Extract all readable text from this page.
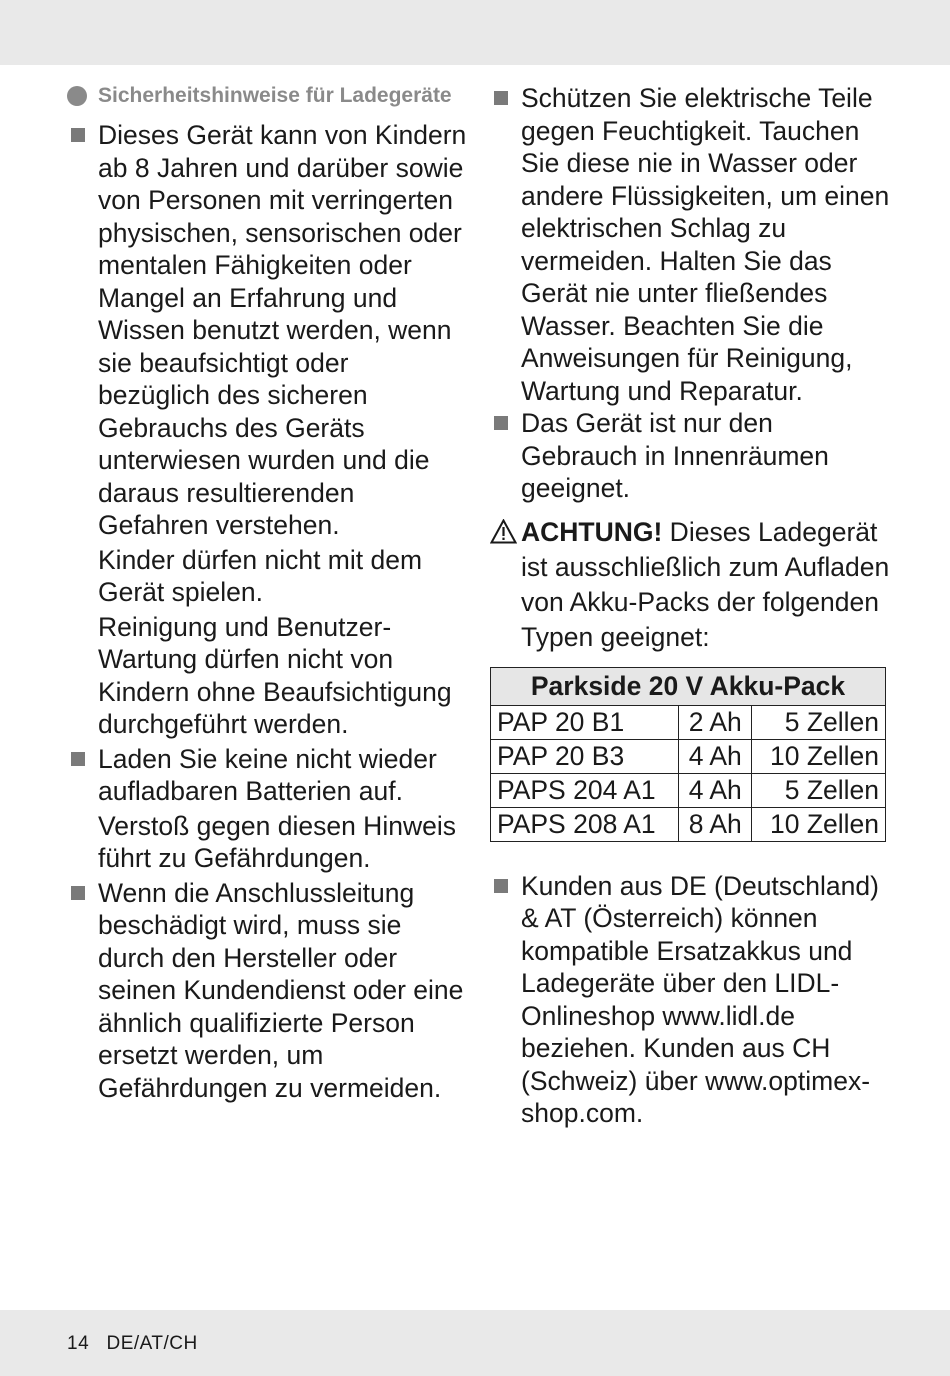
Sicherheitshinweise für Ladegeräte

Dieses Gerät kann von Kindern ab 8 Jahren und darüber sowie von Personen mit verringerten physischen, sensorischen oder mentalen Fähigkeiten oder Mangel an Erfahrung und Wissen benutzt werden, wenn sie beaufsichtigt oder bezüglich des sicheren Gebrauchs des Geräts unterwiesen wurden und die daraus resultierenden Gefahren verstehen.

Kinder dürfen nicht mit dem Gerät spielen.

Reinigung und Benutzer-Wartung dürfen nicht von Kindern ohne Beaufsichtigung durchgeführt werden.

Laden Sie keine nicht wieder aufladbaren Batterien auf.

Verstoß gegen diesen Hinweis führt zu Gefährdungen.

Wenn die Anschlussleitung beschädigt wird, muss sie durch den Hersteller oder seinen Kundendienst oder eine ähnlich qualifizierte Person ersetzt werden, um Gefährdungen zu vermeiden.

Schützen Sie elektrische Teile gegen Feuchtigkeit. Tauchen Sie diese nie in Wasser oder andere Flüssigkeiten, um einen elektrischen Schlag zu vermeiden. Halten Sie das Gerät nie unter fließendes Wasser. Beachten Sie die Anweisungen für Reinigung, Wartung und Reparatur.

Das Gerät ist nur den Gebrauch in Innenräumen geeignet.

ACHTUNG! Dieses Ladegerät ist ausschließlich zum Aufladen von Akku-Packs der folgenden Typen geeignet:
Parkside 20 V Akku-Pack		
PAP 20 B1	2 Ah	5 Zellen
PAP 20 B3	4 Ah	10 Zellen
PAPS 204 A1	4 Ah	5 Zellen
PAPS 208 A1	8 Ah	10 Zellen

Kunden aus DE (Deutschland) & AT (Österreich) können kompatible Ersatzakkus und Ladegeräte über den LIDL-Onlineshop www.lidl.de beziehen. Kunden aus CH (Schweiz) über www.optimex-shop.com.

14   DE/AT/CH
